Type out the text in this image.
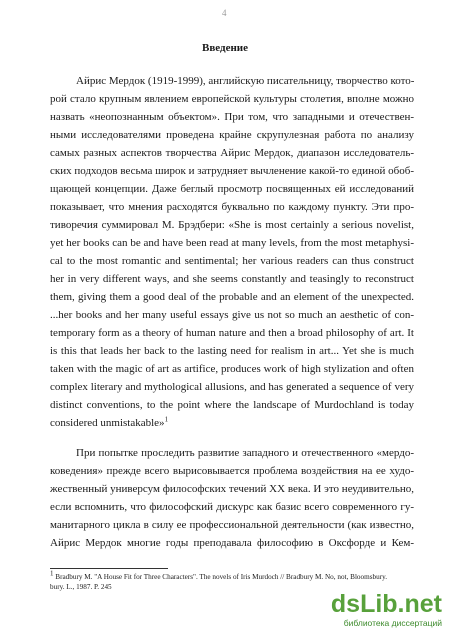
4
Введение
Айрис Мердок (1919-1999), английскую писательницу, творчество кото-
рой стало крупным явлением европейской культуры столетия, вполне можно
назвать «неопознанным объектом». При том, что западными и отечествен-
ными исследователями проведена крайне скрупулезная работа по анализу
самых разных аспектов творчества Айрис Мердок, диапазон исследователь-
ских подходов весьма широк и затрудняет вычленение какой-то единой обоб-
щающей концепции. Даже беглый просмотр посвященных ей исследований
показывает, что мнения расходятся буквально по каждому пункту. Эти про-
тиворечия суммировал М. Брэдбери: «She is most certainly a serious novelist,
yet her books can be and have been read at many levels, from the most metaphysi-
cal to the most romantic and sentimental; her various readers can thus construct
her in very different ways, and she seems constantly and teasingly to reconstruct
them, giving them a good deal of the probable and an element of the unexpected.
...her books and her many useful essays give us not so much an aesthetic of con-
temporary form as a theory of human nature and then a broad philosophy of art. It
is this that leads her back to the lasting need for realism in art... Yet she is much
taken with the magic of art as artifice, produces work of high stylization and often
complex literary and mythological allusions, and has generated a sequence of very
distinct conventions, to the point where the landscape of Murdochland is today
considered unmistakable»$^1$
При попытке проследить развитие западного и отечественного «мердо-
коведения» прежде всего вырисовывается проблема воздействия на ее худо-
жественный универсум философских течений XX века. И это неудивительно,
если вспомнить, что философский дискурс как базис всего современного гу-
манитарного цикла в силу ее профессиональной деятельности (как известно,
Айрис Мердок многие годы преподавала философию в Оксфорде и Кем-
$^1$ Bradbury M. "A House Fit for Three Characters". The novels of Iris Murdoch // Bradbury M. No, not, Bloomsbury.
bury. L., 1987. P. 245
dsLib.net
библиотека диссертаций
